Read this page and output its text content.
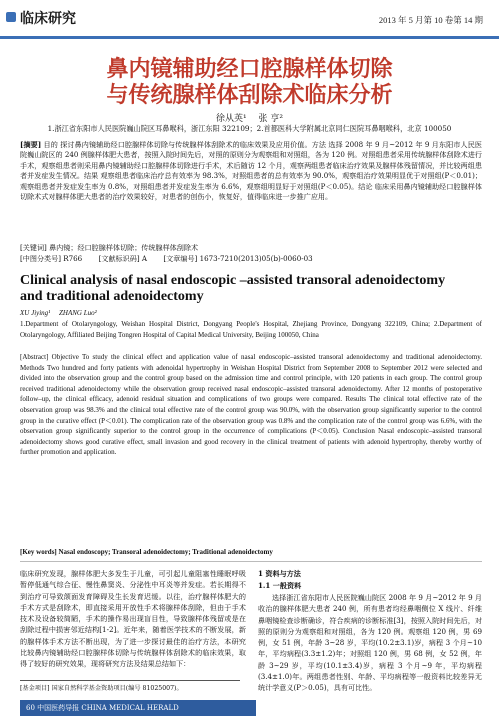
临床研究	2013 年 5 月第 10 卷第 14 期
鼻内镜辅助经口腔腺样体切除
与传统腺样体刮除术临床分析
徐从英¹ 　张 亨²
1.浙江省东阳市人民医院巍山院区耳鼻喉科，浙江东阳 322109；2.首都医科大学附属北京同仁医院耳鼻咽喉科，北京 100050
[摘要] 目的 探讨鼻内镜辅助经口腔腺样体切除与传统腺样体刮除术的临床效果及应用价值。方法 选择 2008 年 9 月~2012 年 9 月东阳市人民医院巍山院区的 240 例腺样体肥大患者，按照入院时间先后，对照的原则分为观察组和对照组，各为 120 例。对照组患者采用传统腺样体刮除术进行手术，观察组患者则采用鼻内镜辅助经口腔腺样体切除进行手术，术后随访 12 个月，观察两组患者临床治疗效果及腺样体残留情况，并比较两组患者并发症发生情况。结果 观察组患者临床治疗总有效率为 98.3%，对照组患者的总有效率为 90.0%，观察组治疗效果明显优于对照组(P＜0.01)；观察组患者并发症发生率为 0.8%，对照组患者并发症发生率为 6.6%，观察组明显好于对照组(P＜0.05)。结论 临床采用鼻内镜辅助经口腔腺样体切除术式对腺样体肥大患者的治疗效果较好，对患者的创伤小，恢复好，值得临床进一步推广应用。
[关键词] 鼻内镜；经口腔腺样体切除；传统腺样体刮除术
[中图分类号] R766 　　[文献标识码] A 　　[文章编号] 1673-7210(2013)05(b)-0060-03
Clinical analysis of nasal endoscopic –assisted transoral adenoidectomy
and traditional adenoidectomy
XU Jiying¹ 　ZHANG Luo²
1.Department of Otolaryngology, Weishan Hospital District, Dongyang People's Hospital, Zhejiang Province, Dongyang 322109, China; 2.Department of Otolaryngology, Affiliated Beijing Tongren Hospital of Capital Medical University, Beijing 100050, China
[Abstract] Objective To study the clinical effect and application value of nasal endoscopic–assisted transoral adenoidectomy and traditional adenoidectomy. Methods Two hundred and forty patients with adenoidal hypertrophy in Weishan Hospital District from September 2008 to September 2012 were selected and divided into the observation group and the control group based on the admission time and control principle, with 120 patients in each group. The control group received traditional adenoidectomy while the observation group received nasal endoscopic–assisted transoral adenoidectomy. After 12 months of postoperative follow–up, the clinical efficacy, adenoid residual situation and complications of two groups were compared. Results The clinical total effective rate of the observation group was 98.3% and the clinical total effective rate of the control group was 90.0%, with the observation group significantly superior to the control group in the curative effect (P＜0.01). The complication rate of the observation group was 0.8% and the complication rate of the control group was 6.6%, with the observation group significantly superior to the control group in the occurrence of complications (P＜0.05). Conclusion Nasal endoscopic–assisted transoral adenoidectomy shows good curative effect, small invasion and good recovery in the clinical treatment of patients with adenoid hypertrophy, thereby worthy of further promotion and application.
[Key words] Nasal endoscopy; Transoral adenoidectomy; Traditional adenoidectomy
临床研究发现，腺样体肥大多发生于儿童，可引起儿童阻塞性睡眠呼吸暂停低通气综合征、慢性鼻窦炎、分泌性中耳炎等并发症。若长期得不到治疗可导致颌面发育障碍及生长发育迟缓。以往，治疗腺样体肥大的手术方式是刮除术，即直接采用开放性手术将腺样体刮除，但由于手术技术及设备较简陋，手术的操作易出现盲目性，导致腺样体残留或是在刮除过程中损害邻近结构[1-2]。近年来，随着医学技术的不断发展，新的腺样体手术方法不断出现，为了进一步探讨最佳的治疗方法，本研究比较鼻内镜辅助经口腔腺样体切除与传统腺样体刮除术的临床效果，取得了较好的研究效果，现将研究方法及结果总结如下：
[基金项目] 国家自然科学基金资助项目(编号 81025007)。
1 资料与方法
1.1 一般资料
选择浙江省东阳市人民医院巍山院区 2008 年 9 月~2012 年 9 月收治的腺样体肥大患者 240 例，所有患者均经鼻咽侧位 X 线片、纤维鼻咽镜检查诊断确诊，符合疾病的诊断标准[3]，按照入院时间先后，对照的原则分为观察组和对照组，各为 120 例。观察组 120 例，男 69 例，女 51 例，年龄 3~28 岁，平均(10.2±3.1)岁，病程 3 个月~10 年，平均病程(3.3±1.2)年；对照组 120 例，男 68 例，女 52 例，年龄 3~29 岁，平均(10.1±3.4)岁，病程 3 个月~9 年，平均病程(3.4±1.0)年。两组患者性别、年龄、平均病程等一般资料比较差异无统计学意义(P＞0.05)，具有可比性。
60 中国医药导报 CHINA MEDICAL HERALD
